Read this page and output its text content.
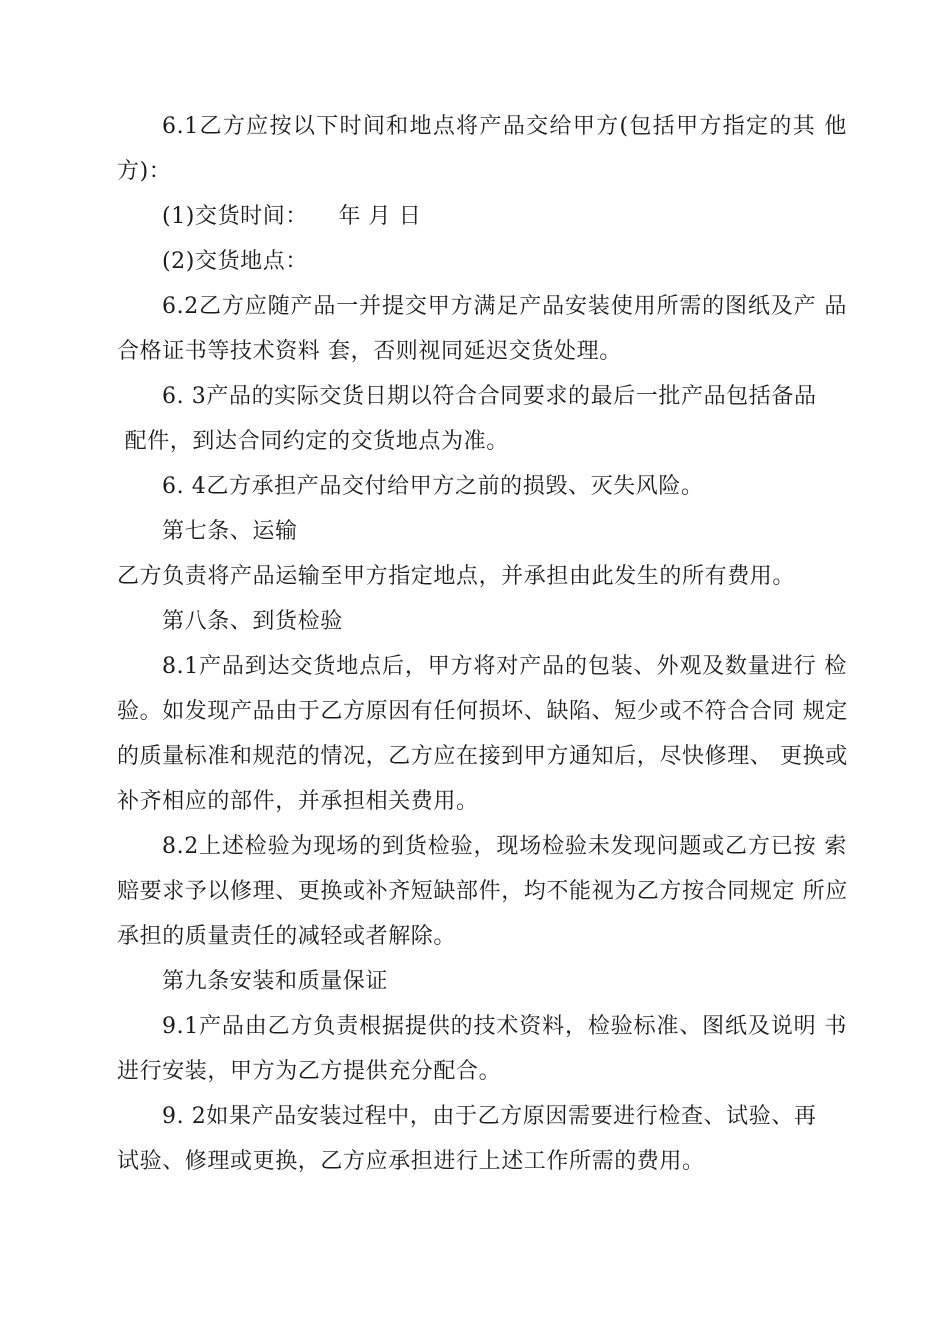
6.1乙方应按以下时间和地点将产品交给甲方(包括甲方指定的其 他
方)：
(1)交货时间：    年 月 日
(2)交货地点：
6.2乙方应随产品一并提交甲方满足产品安装使用所需的图纸及产 品
合格证书等技术资料 套，否则视同延迟交货处理。
6. 3产品的实际交货日期以符合合同要求的最后一批产品包括备品
配件，到达合同约定的交货地点为准。
6. 4乙方承担产品交付给甲方之前的损毁、灭失风险。
第七条、运输
乙方负责将产品运输至甲方指定地点，并承担由此发生的所有费用。
第八条、到货检验
8.1产品到达交货地点后，甲方将对产品的包装、外观及数量进行 检
验。如发现产品由于乙方原因有任何损坏、缺陷、短少或不符合合同 规定
的质量标准和规范的情况，乙方应在接到甲方通知后，尽快修理、 更换或
补齐相应的部件，并承担相关费用。
8.2上述检验为现场的到货检验，现场检验未发现问题或乙方已按 索
赔要求予以修理、更换或补齐短缺部件，均不能视为乙方按合同规定 所应
承担的质量责任的减轻或者解除。
第九条安装和质量保证
9.1产品由乙方负责根据提供的技术资料，检验标准、图纸及说明 书
进行安装，甲方为乙方提供充分配合。
9. 2如果产品安装过程中，由于乙方原因需要进行检查、试验、再
试验、修理或更换，乙方应承担进行上述工作所需的费用。
